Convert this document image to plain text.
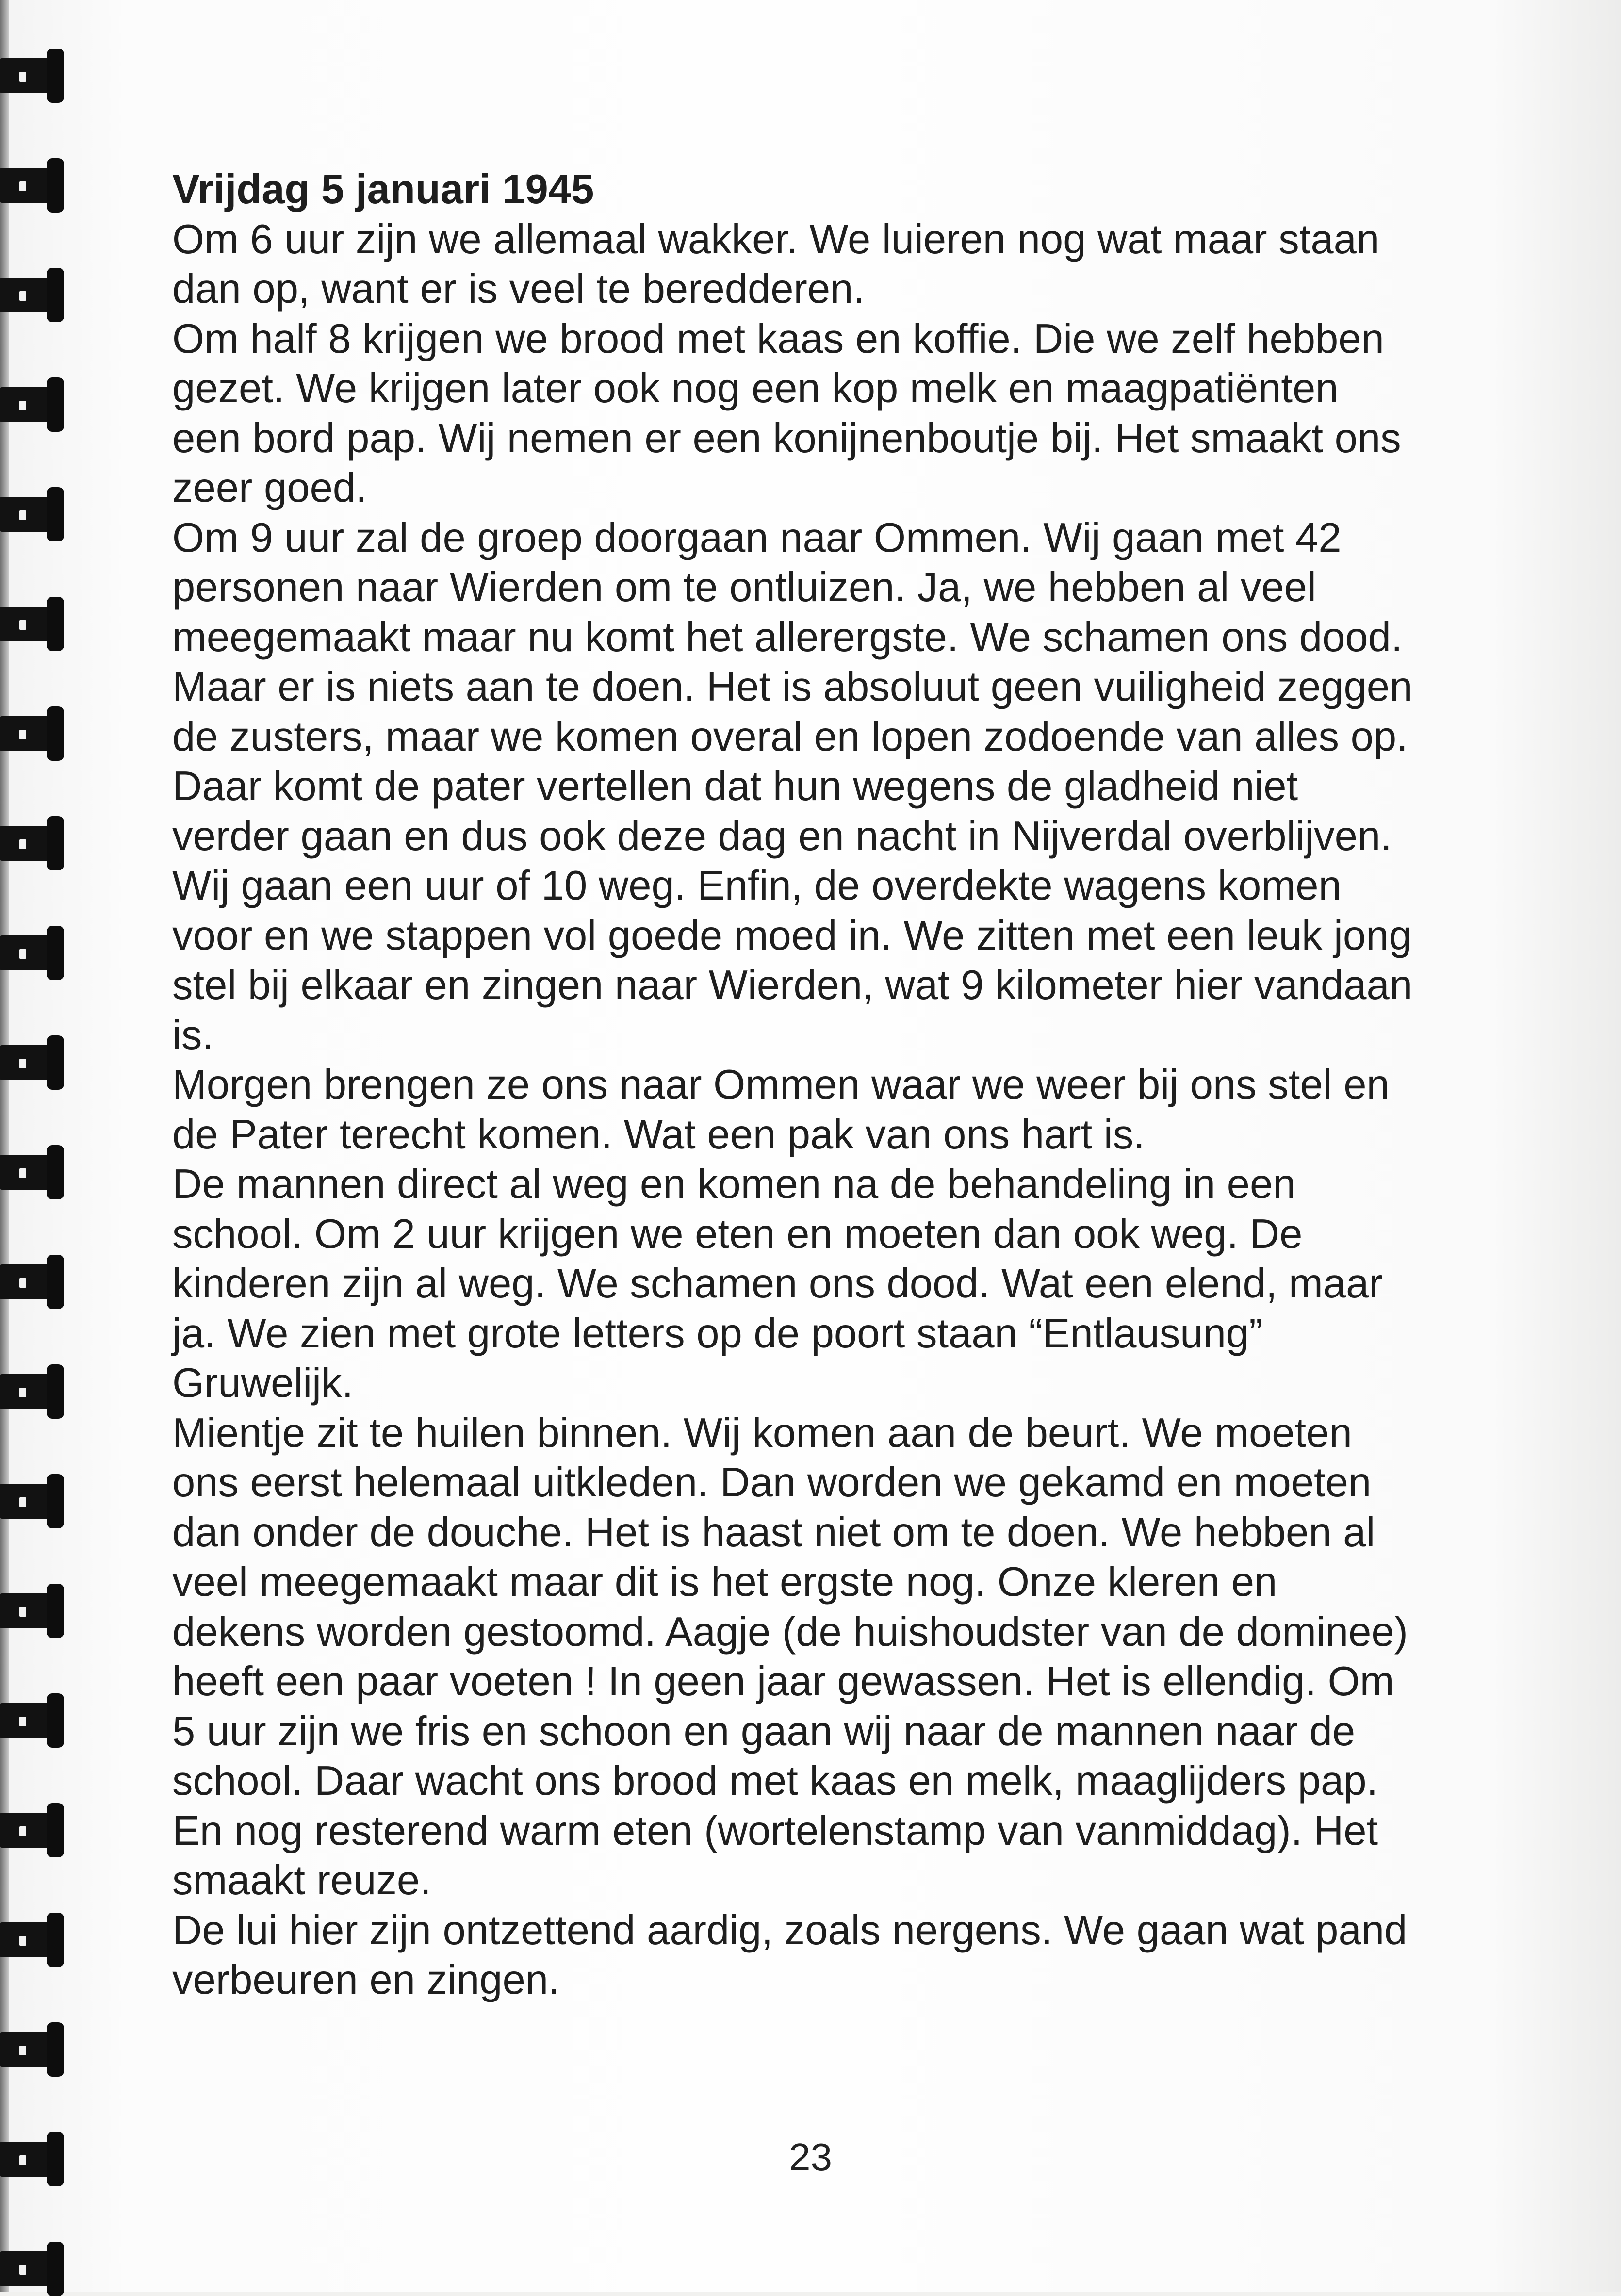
Vrijdag 5 januari 1945
Om 6 uur zijn we allemaal wakker. We luieren nog wat maar staan
dan op, want er is veel te beredderen.
Om half 8 krijgen we brood met kaas en koffie. Die we zelf hebben
gezet. We krijgen later ook nog een kop melk en maagpatiënten
een bord pap. Wij nemen er een konijnenboutje bij. Het smaakt ons
zeer goed.
Om 9 uur zal de groep doorgaan naar Ommen. Wij gaan met 42
personen naar Wierden om te ontluizen. Ja, we hebben al veel
meegemaakt maar nu komt het allerergste. We schamen ons dood.
Maar er is niets aan te doen. Het is absoluut geen vuiligheid zeggen
de zusters, maar we komen overal en lopen zodoende van alles op.
Daar komt de pater vertellen dat hun wegens de gladheid niet
verder gaan en dus ook deze dag en nacht in Nijverdal overblijven.
Wij gaan een uur of 10 weg. Enfin, de overdekte wagens komen
voor en we stappen vol goede moed in. We zitten met een leuk jong
stel bij elkaar en zingen naar Wierden, wat 9 kilometer hier vandaan
is.
Morgen brengen ze ons naar Ommen waar we weer bij ons stel en
de Pater terecht komen. Wat een pak van ons hart is.
De mannen direct al weg en komen na de behandeling in een
school. Om 2 uur krijgen we eten en moeten dan ook weg. De
kinderen zijn al weg. We schamen ons dood. Wat een elend, maar
ja. We zien met grote letters op de poort staan “Entlausung”
Gruwelijk.
Mientje zit te huilen binnen. Wij komen aan de beurt. We moeten
ons eerst helemaal uitkleden. Dan worden we gekamd en moeten
dan onder de douche. Het is haast niet om te doen. We hebben al
veel meegemaakt maar dit is het ergste nog. Onze kleren en
dekens worden gestoomd. Aagje (de huishoudster van de dominee)
heeft een paar voeten ! In geen jaar gewassen. Het is ellendig. Om
5 uur zijn we fris en schoon en gaan wij naar de mannen naar de
school. Daar wacht ons brood met kaas en melk, maaglijders pap.
En nog resterend warm eten (wortelenstamp van vanmiddag). Het
smaakt reuze.
De lui hier zijn ontzettend aardig, zoals nergens. We gaan wat pand
verbeuren en zingen.
23
